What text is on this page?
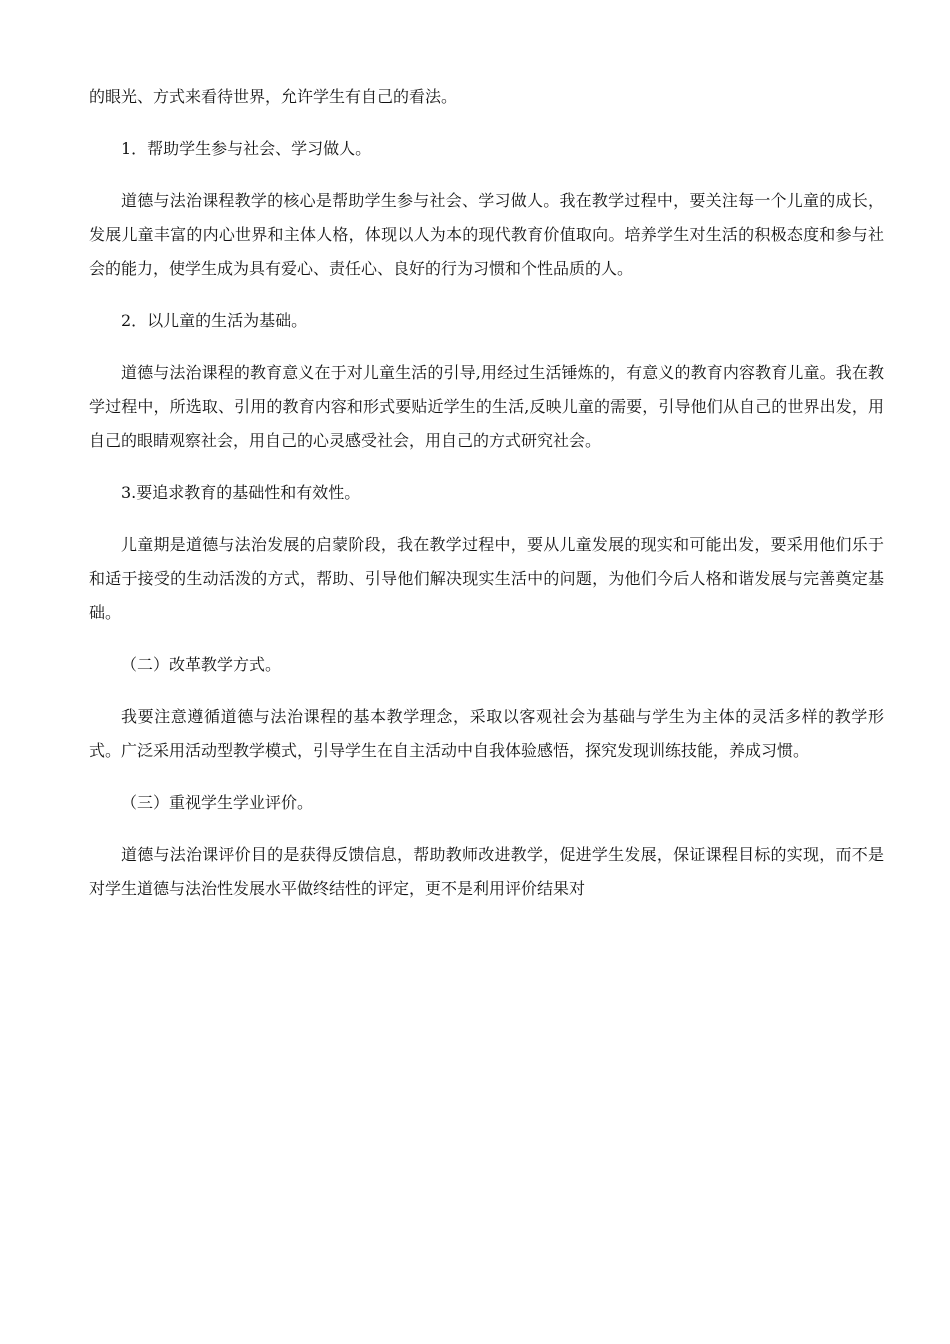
的眼光、方式来看待世界，允许学生有自己的看法。

1．帮助学生参与社会、学习做人。

道德与法治课程教学的核心是帮助学生参与社会、学习做人。我在教学过程中，要关注每一个儿童的成长，发展儿童丰富的内心世界和主体人格，体现以人为本的现代教育价值取向。培养学生对生活的积极态度和参与社会的能力，使学生成为具有爱心、责任心、良好的行为习惯和个性品质的人。

2．以儿童的生活为基础。

道德与法治课程的教育意义在于对儿童生活的引导,用经过生活锤炼的，有意义的教育内容教育儿童。我在教学过程中，所选取、引用的教育内容和形式要贴近学生的生活,反映儿童的需要，引导他们从自己的世界出发，用自己的眼睛观察社会，用自己的心灵感受社会，用自己的方式研究社会。

3.要追求教育的基础性和有效性。

儿童期是道德与法治发展的启蒙阶段，我在教学过程中，要从儿童发展的现实和可能出发，要采用他们乐于和适于接受的生动活泼的方式，帮助、引导他们解决现实生活中的问题，为他们今后人格和谐发展与完善奠定基础。

（二）改革教学方式。

我要注意遵循道德与法治课程的基本教学理念，采取以客观社会为基础与学生为主体的灵活多样的教学形式。广泛采用活动型教学模式，引导学生在自主活动中自我体验感悟，探究发现训练技能，养成习惯。

（三）重视学生学业评价。

道德与法治课评价目的是获得反馈信息，帮助教师改进教学，促进学生发展，保证课程目标的实现，而不是对学生道德与法治性发展水平做终结性的评定，更不是利用评价结果对
